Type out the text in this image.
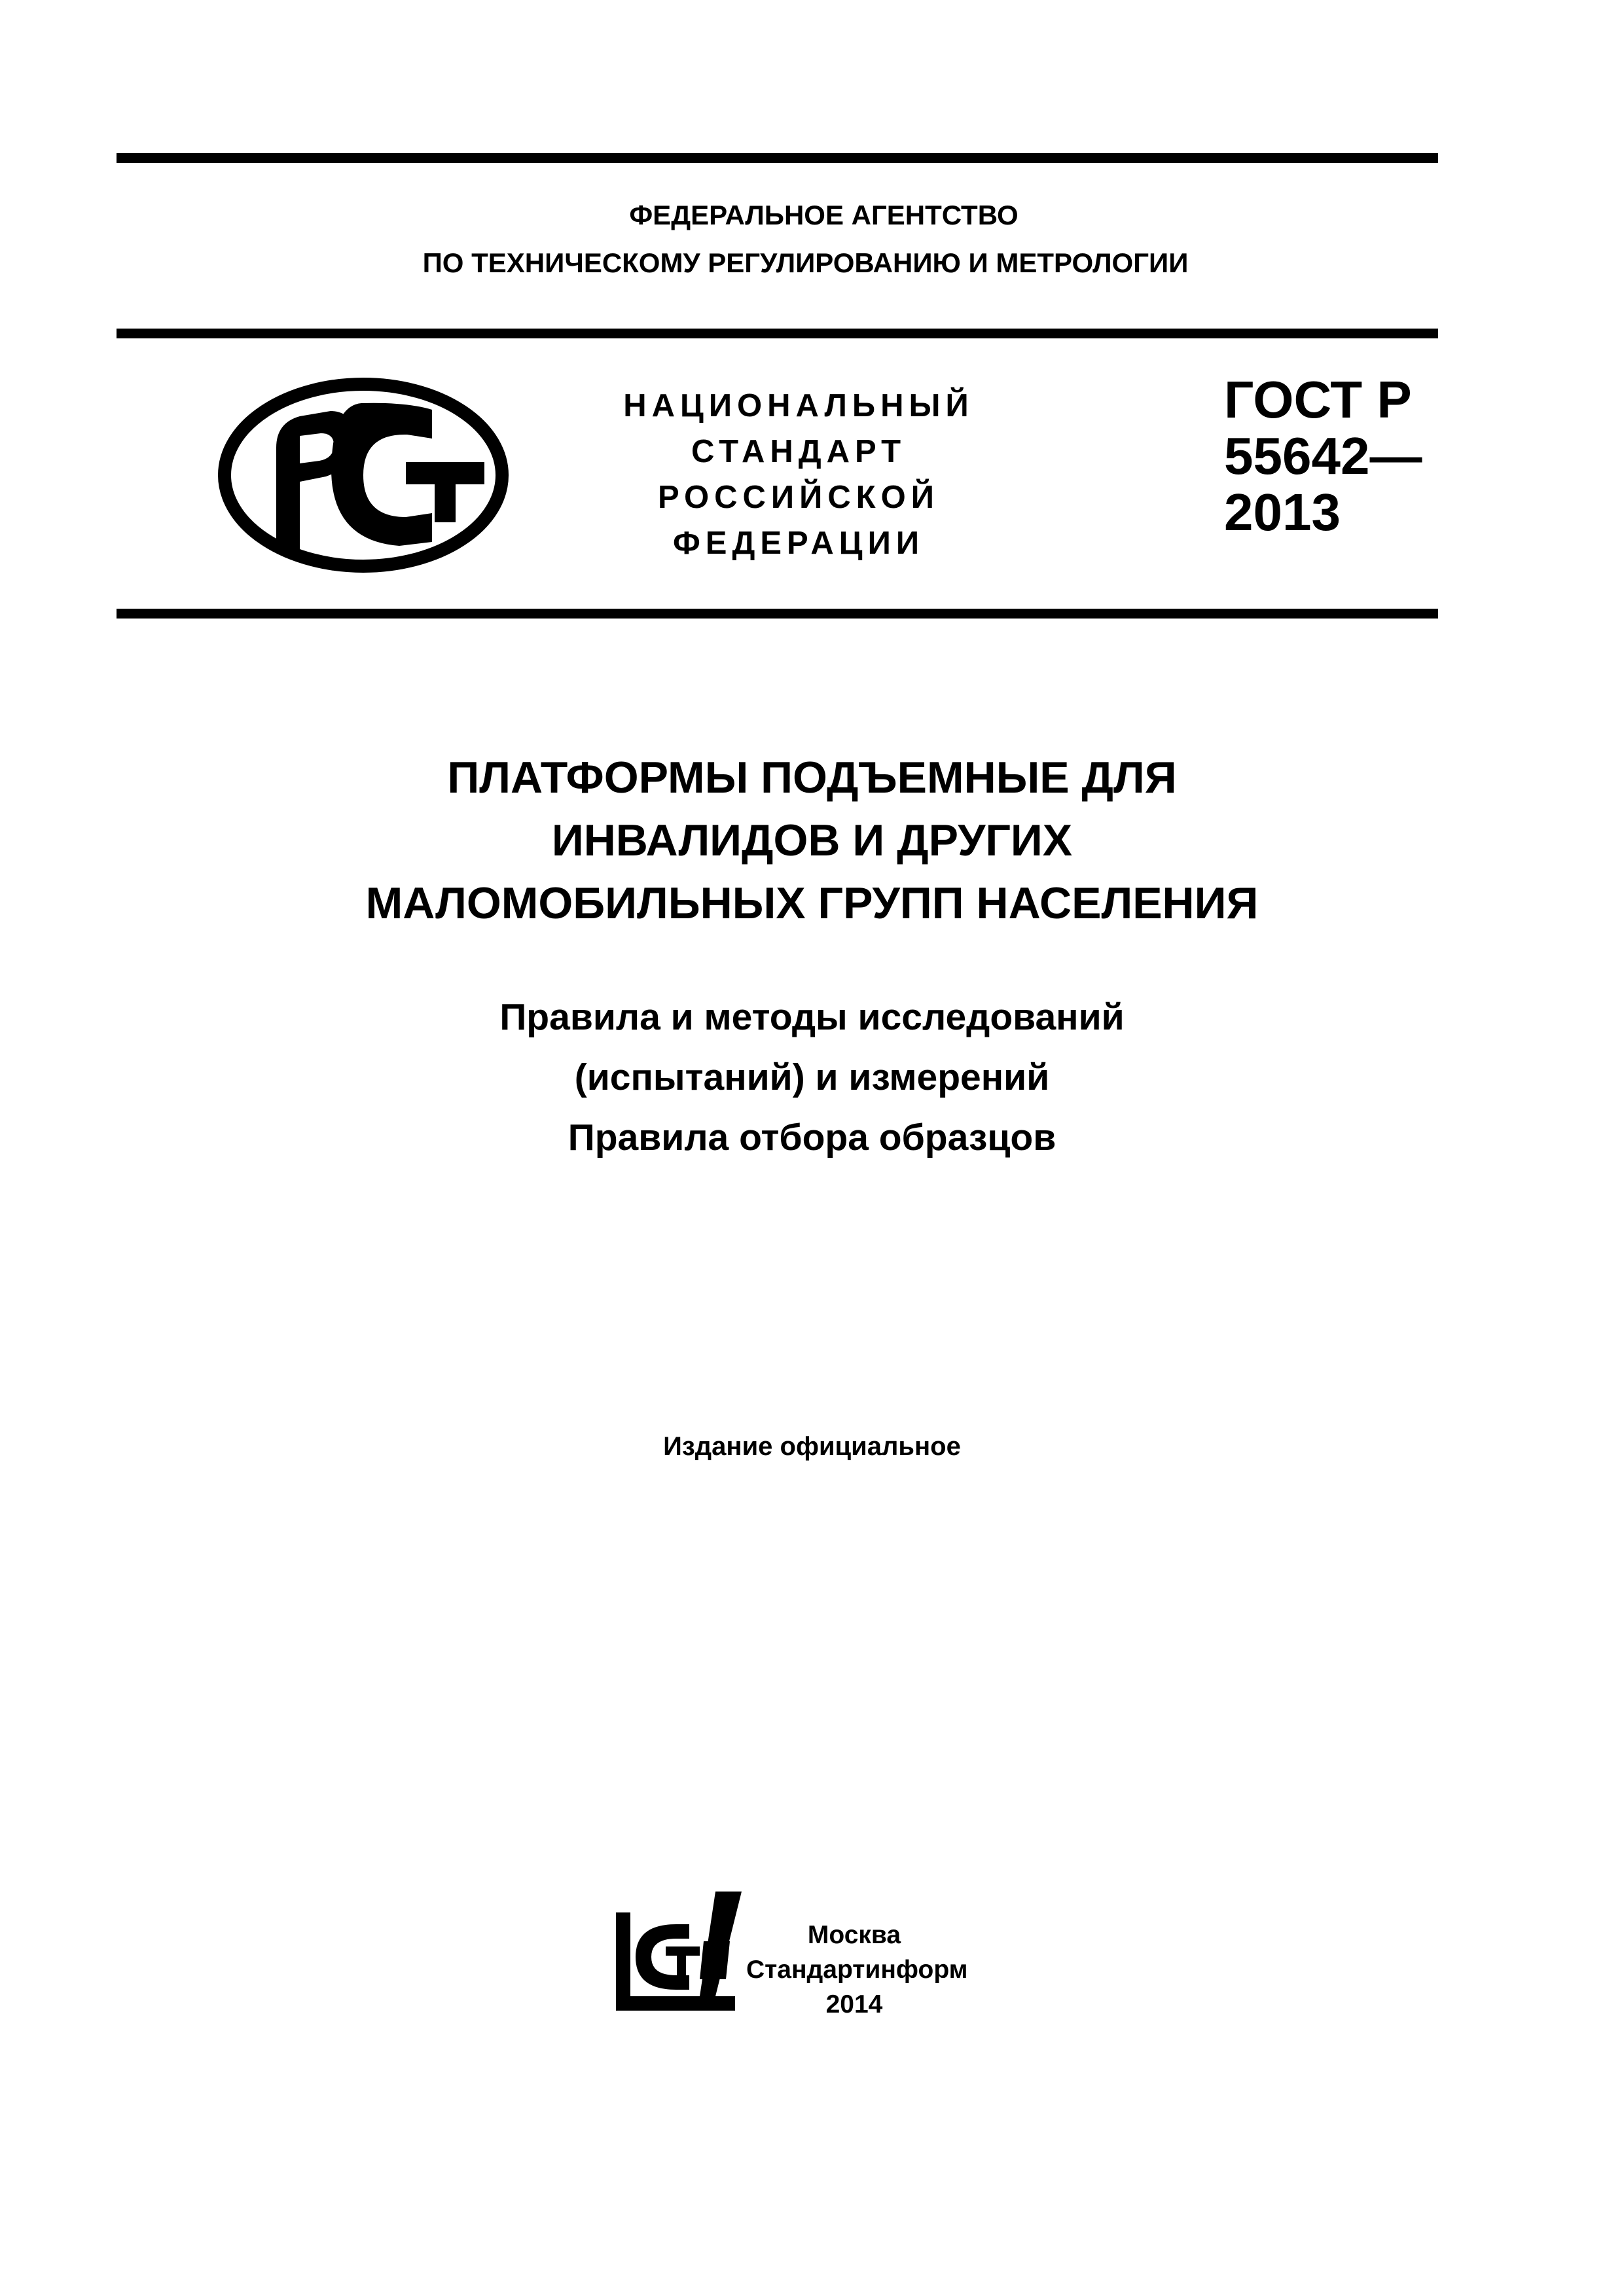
ФЕДЕРАЛЬНОЕ АГЕНТСТВО
ПО ТЕХНИЧЕСКОМУ РЕГУЛИРОВАНИЮ И МЕТРОЛОГИИ
НАЦИОНАЛЬНЫЙ
СТАНДАРТ
РОССИЙСКОЙ
ФЕДЕРАЦИИ
ГОСТ Р
55642—
2013
ПЛАТФОРМЫ ПОДЪЕМНЫЕ ДЛЯ
ИНВАЛИДОВ И ДРУГИХ
МАЛОМОБИЛЬНЫХ ГРУПП НАСЕЛЕНИЯ
Правила и методы исследований
(испытаний) и измерений
Правила отбора образцов
Издание официальное
Москва
Стандартинформ
2014
